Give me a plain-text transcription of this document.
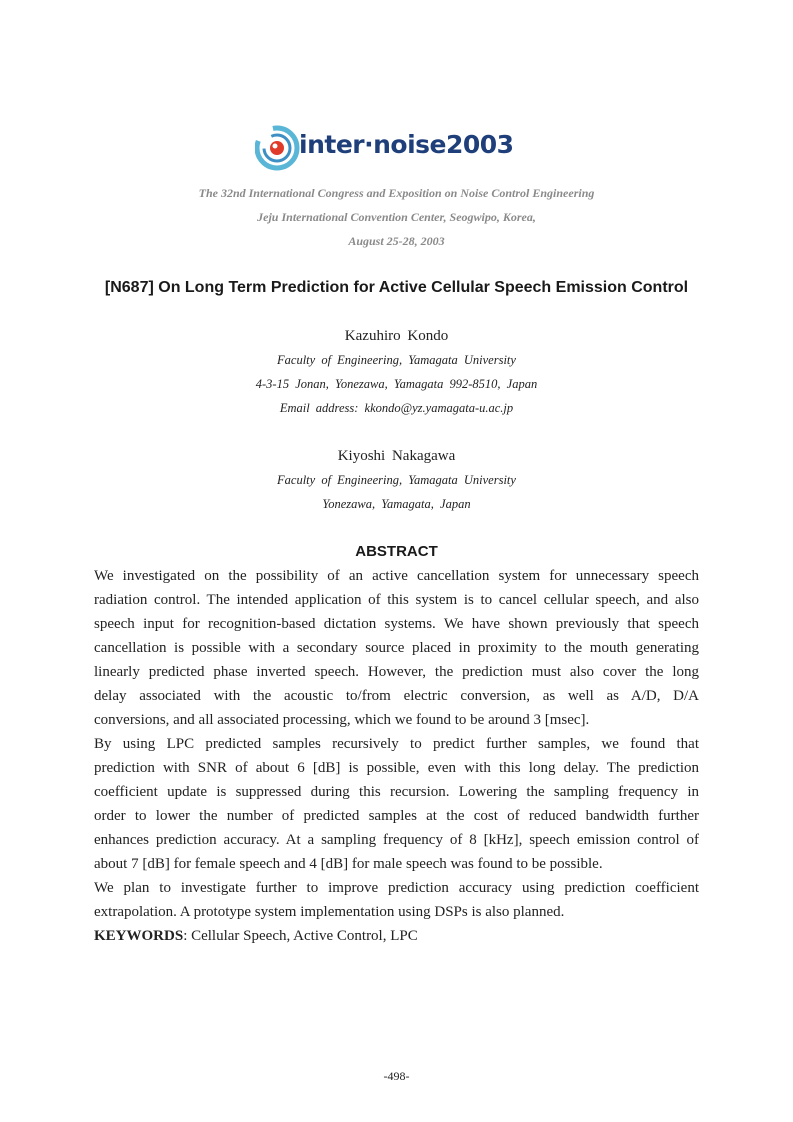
inter·noise2003
The 32nd International Congress and Exposition on Noise Control Engineering
Jeju International Convention Center, Seogwipo, Korea,
August 25-28, 2003
[N687] On Long Term Prediction for Active Cellular Speech Emission Control
Kazuhiro Kondo
Faculty of Engineering, Yamagata University
4-3-15 Jonan, Yonezawa, Yamagata 992-8510, Japan
Email address: kkondo@yz.yamagata-u.ac.jp
Kiyoshi Nakagawa
Faculty of Engineering, Yamagata University
Yonezawa, Yamagata, Japan
ABSTRACT
We investigated on the possibility of an active cancellation system for unnecessary speech
radiation control. The intended application of this system is to cancel cellular speech, and also
speech input for recognition-based dictation systems. We have shown previously that speech
cancellation is possible with a secondary source placed in proximity to the mouth generating
linearly predicted phase inverted speech. However, the prediction must also cover the long
delay associated with the acoustic to/from electric conversion, as well as A/D, D/A
conversions, and all associated processing, which we found to be around 3 [msec].
By using LPC predicted samples recursively to predict further samples, we found that
prediction with SNR of about 6 [dB] is possible, even with this long delay. The prediction
coefficient update is suppressed during this recursion. Lowering the sampling frequency in
order to lower the number of predicted samples at the cost of reduced bandwidth further
enhances prediction accuracy. At a sampling frequency of 8 [kHz], speech emission control of
about 7 [dB] for female speech and 4 [dB] for male speech was found to be possible.
We plan to investigate further to improve prediction accuracy using prediction coefficient
extrapolation. A prototype system implementation using DSPs is also planned.
KEYWORDS: Cellular Speech, Active Control, LPC
-498-
